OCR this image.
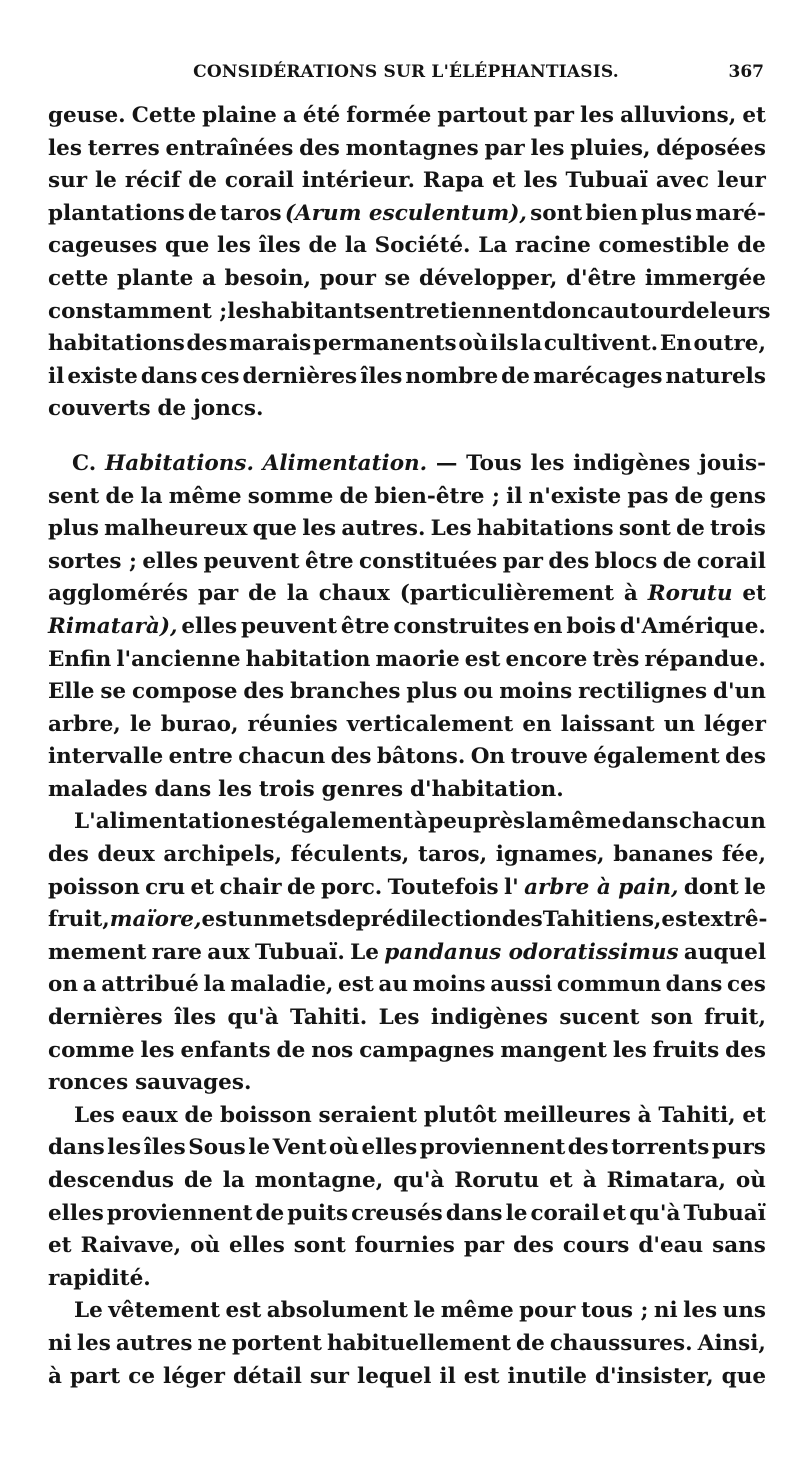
CONSIDÉRATIONS SUR L'ÉLÉPHANTIASIS.	367
geuse. Cette plaine a été formée partout par les alluvions, et
les terres entraînées des montagnes par les pluies, déposées
sur le récif de corail intérieur. Rapa et les Tubuaï avec leur
plantations de taros (Arum esculentum), sont bien plus maré-
cageuses que les îles de la Société. La racine comestible de
cette plante a besoin, pour se développer, d'être immergée
constamment ; les habitants entretiennent donc autour de leurs
habitations des marais permanents où ils la cultivent. En outre,
il existe dans ces dernières îles nombre de marécages naturels
couverts de joncs.
C. Habitations. Alimentation. — Tous les indigènes jouis-
sent de la même somme de bien-être ; il n'existe pas de gens
plus malheureux que les autres. Les habitations sont de trois
sortes ; elles peuvent être constituées par des blocs de corail
agglomérés par de la chaux (particulièrement à Rorutu et
Rimatarà), elles peuvent être construites en bois d'Amérique.
Enfin l'ancienne habitation maorie est encore très répandue.
Elle se compose des branches plus ou moins rectilignes d'un
arbre, le burao, réunies verticalement en laissant un léger
intervalle entre chacun des bâtons. On trouve également des
malades dans les trois genres d'habitation.
L'alimentation est également à peu près la même dans chacun
des deux archipels, féculents, taros, ignames, bananes fée,
poisson cru et chair de porc. Toutefois l' arbre à pain, dont le
fruit, maïore, est un mets de prédilection des Tahitiens, est extrê-
mement rare aux Tubuaï. Le pandanus odoratissimus auquel
on a attribué la maladie, est au moins aussi commun dans ces
dernières îles qu'à Tahiti. Les indigènes sucent son fruit,
comme les enfants de nos campagnes mangent les fruits des
ronces sauvages.
Les eaux de boisson seraient plutôt meilleures à Tahiti, et
dans les îles Sous le Vent où elles proviennent des torrents purs
descendus de la montagne, qu'à Rorutu et à Rimatara, où
elles proviennent de puits creusés dans le corail et qu'à Tubuaï
et Raivave, où elles sont fournies par des cours d'eau sans
rapidité.
Le vêtement est absolument le même pour tous ; ni les uns
ni les autres ne portent habituellement de chaussures. Ainsi,
à part ce léger détail sur lequel il est inutile d'insister, que
